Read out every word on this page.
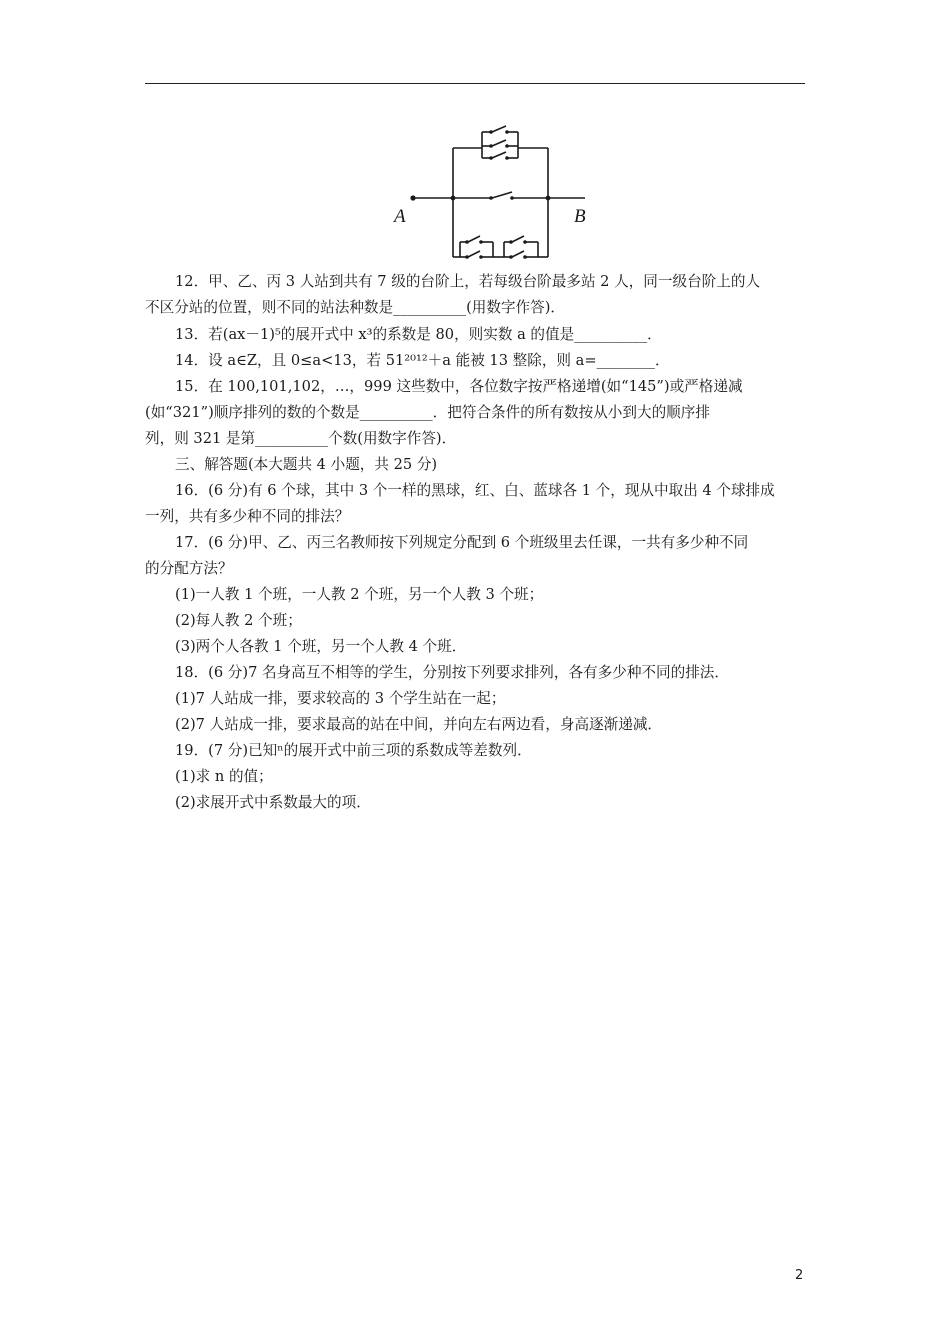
A	B
12．甲、乙、丙 3 人站到共有 7 级的台阶上，若每级台阶最多站 2 人，同一级台阶上的人
不区分站的位置，则不同的站法种数是__________(用数字作答)．
13．若(ax－1)⁵的展开式中 x³的系数是 80，则实数 a 的值是__________．
14．设 a∈Z，且 0≤a<13，若 51²⁰¹²＋a 能被 13 整除，则 a=________．
15．在 100,101,102，…，999 这些数中，各位数字按严格递增(如“145”)或严格递减
(如“321”)顺序排列的数的个数是__________．把符合条件的所有数按从小到大的顺序排
列，则 321 是第__________个数(用数字作答)．
三、解答题(本大题共 4 小题，共 25 分)
16．(6 分)有 6 个球，其中 3 个一样的黑球，红、白、蓝球各 1 个，现从中取出 4 个球排成
一列，共有多少种不同的排法？
17．(6 分)甲、乙、丙三名教师按下列规定分配到 6 个班级里去任课，一共有多少种不同
的分配方法？
(1)一人教 1 个班，一人教 2 个班，另一个人教 3 个班；
(2)每人教 2 个班；
(3)两个人各教 1 个班，另一个人教 4 个班．
18．(6 分)7 名身高互不相等的学生，分别按下列要求排列，各有多少种不同的排法．
(1)7 人站成一排，要求较高的 3 个学生站在一起；
(2)7 人站成一排，要求最高的站在中间，并向左右两边看，身高逐渐递减．
19．(7 分)已知ⁿ的展开式中前三项的系数成等差数列．
(1)求 n 的值；
(2)求展开式中系数最大的项．
2
